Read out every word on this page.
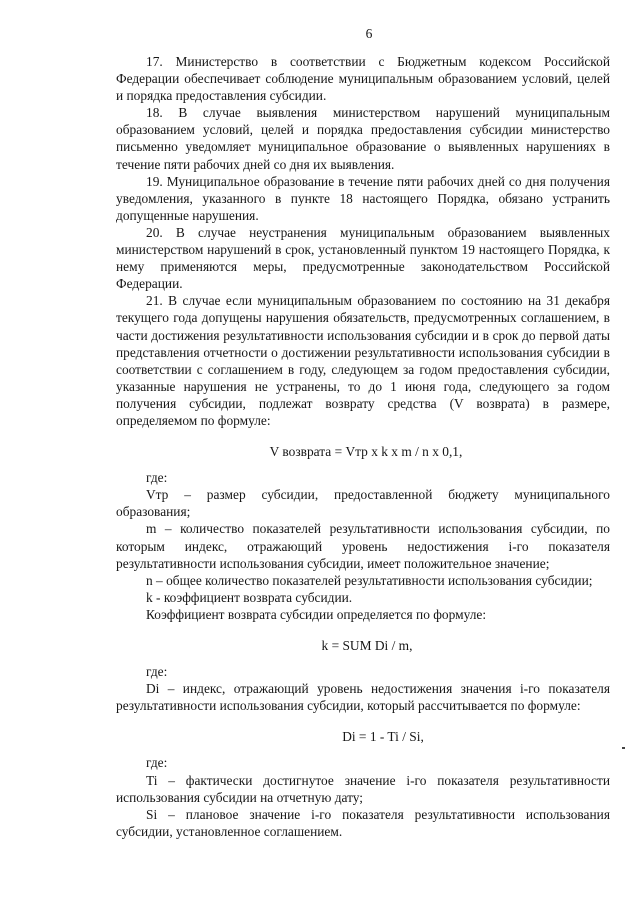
6

17. Министерство в соответствии с Бюджетным кодексом Российской Федерации обеспечивает соблюдение муниципальным образованием условий, целей и порядка предоставления субсидии.

18. В случае выявления министерством нарушений муниципальным образованием условий, целей и порядка предоставления субсидии министерство письменно уведомляет муниципальное образование о выявленных нарушениях в течение пяти рабочих дней со дня их выявления.

19. Муниципальное образование в течение пяти рабочих дней со дня получения уведомления, указанного в пункте 18 настоящего Порядка, обязано устранить допущенные нарушения.

20. В случае неустранения муниципальным образованием выявленных министерством нарушений в срок, установленный пунктом 19 настоящего Порядка, к нему применяются меры, предусмотренные законодательством Российской Федерации.

21. В случае если муниципальным образованием по состоянию на 31 декабря текущего года допущены нарушения обязательств, предусмотренных соглашением, в части достижения результативности использования субсидии и в срок до первой даты представления отчетности о достижении результативности использования субсидии в соответствии с соглашением в году, следующем за годом предоставления субсидии, указанные нарушения не устранены, то до 1 июня года, следующего за годом получения субсидии, подлежат возврату средства (V возврата) в размере, определяемом по формуле:

V возврата = Vтр x k x m / n x 0,1,

где:

Vтр – размер субсидии, предоставленной бюджету муниципального образования;

m – количество показателей результативности использования субсидии, по которым индекс, отражающий уровень недостижения i-го показателя результативности использования субсидии, имеет положительное значение;

n – общее количество показателей результативности использования субсидии;

k - коэффициент возврата субсидии.

Коэффициент возврата субсидии определяется по формуле:

k = SUM Di / m,

где:

Di – индекс, отражающий уровень недостижения значения i-го показателя результативности использования субсидии, который рассчитывается по формуле:

Di = 1 - Ti / Si,

где:

Ti – фактически достигнутое значение i-го показателя результативности использования субсидии на отчетную дату;

Si – плановое значение i-го показателя результативности использования субсидии, установленное соглашением.
